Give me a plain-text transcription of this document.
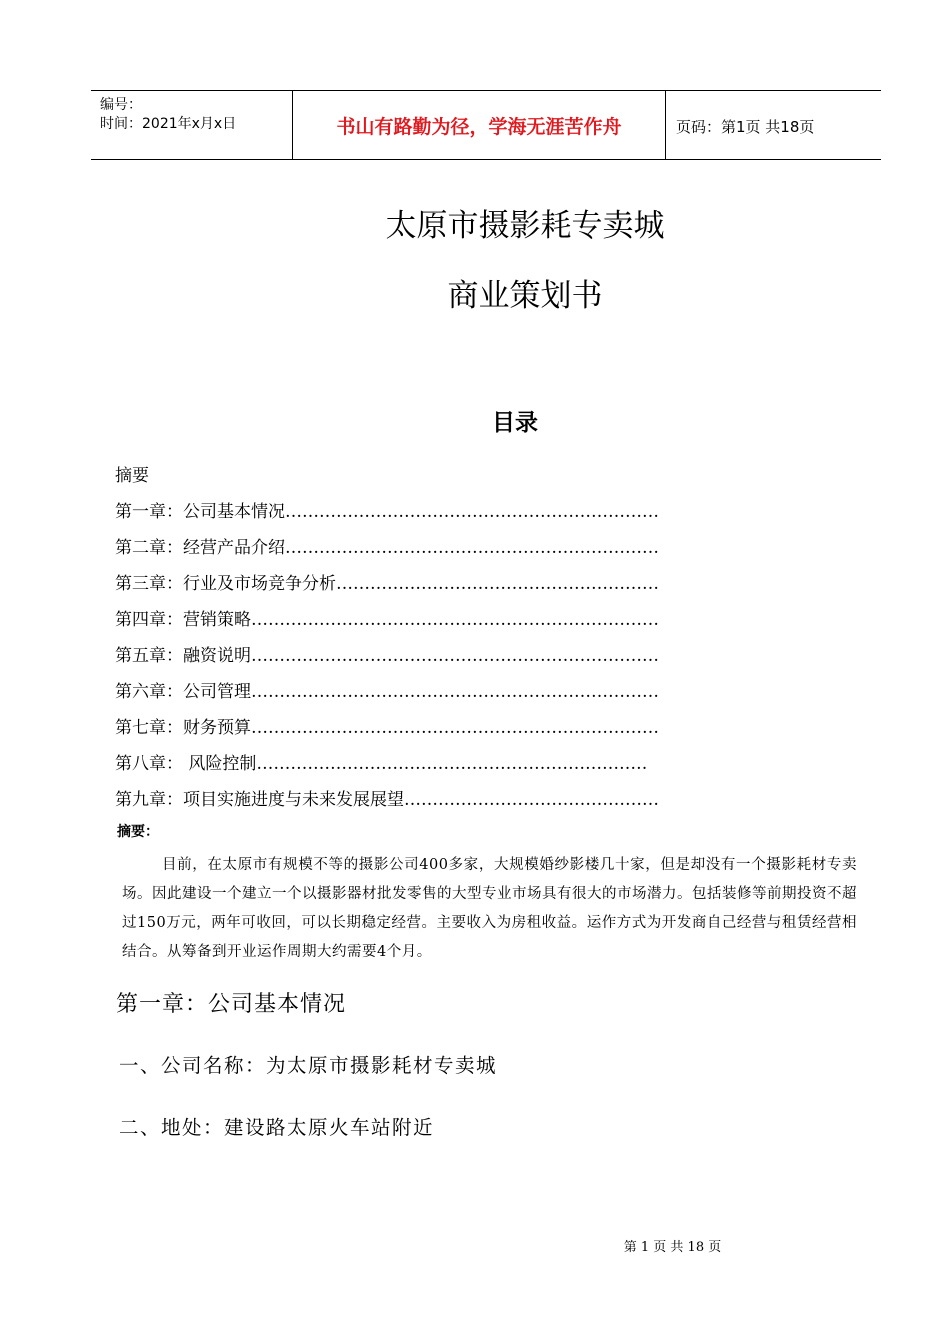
编号：
时间：2021年x月x日	书山有路勤为径，学海无涯苦作舟	页码：第1页 共18页
太原市摄影耗专卖城
商业策划书
目录
摘要
第一章：公司基本情况…………………………………………………………
第二章：经营产品介绍…………………………………………………………
第三章：行业及市场竞争分析…………………………………………………
第四章：营销策略………………………………………………………………
第五章：融资说明………………………………………………………………
第六章：公司管理………………………………………………………………
第七章：财务预算………………………………………………………………
第八章： 风险控制……………………………………………………………
第九章：项目实施进度与未来发展展望………………………………………
摘要：
目前，在太原市有规模不等的摄影公司400多家，大规模婚纱影楼几十家，但是却没有一个摄影耗材专卖场。因此建设一个建立一个以摄影器材批发零售的大型专业市场具有很大的市场潜力。包括装修等前期投资不超过150万元，两年可收回，可以长期稳定经营。主要收入为房租收益。运作方式为开发商自己经营与租赁经营相结合。从筹备到开业运作周期大约需要4个月。
第一章：公司基本情况
一、公司名称：为太原市摄影耗材专卖城
二、地处：建设路太原火车站附近
第 1 页 共 18 页
